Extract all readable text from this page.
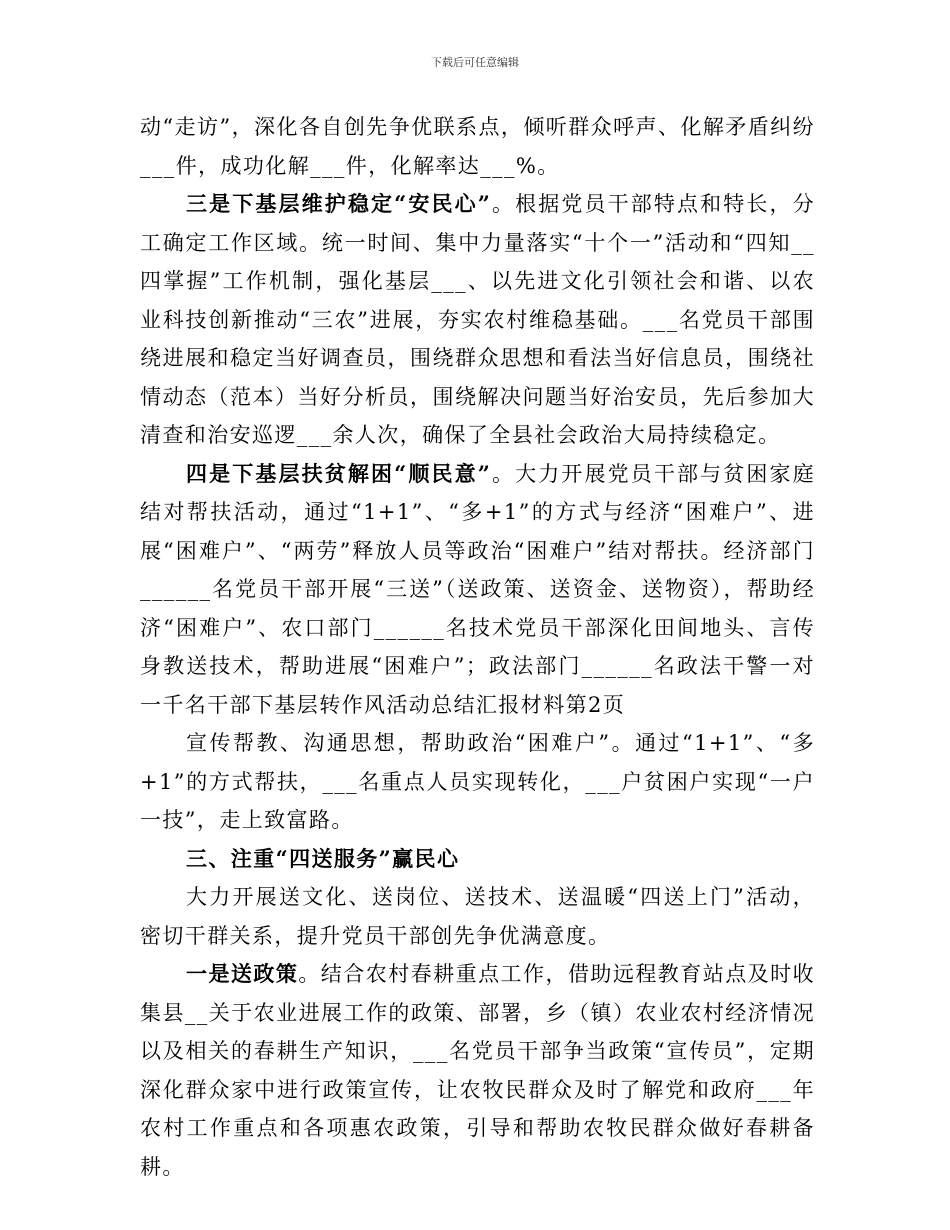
下载后可任意编辑

动“走访”，深化各自创先争优联系点，倾听群众呼声、化解矛盾纠纷___件，成功化解___件，化解率达___%。

三是下基层维护稳定“安民心”。根据党员干部特点和特长，分工确定工作区域。统一时间、集中力量落实“十个一”活动和“四知__四掌握”工作机制，强化基层___、以先进文化引领社会和谐、以农业科技创新推动“三农”进展，夯实农村维稳基础。___名党员干部围绕进展和稳定当好调查员，围绕群众思想和看法当好信息员，围绕社情动态（范本）当好分析员，围绕解决问题当好治安员，先后参加大清查和治安巡逻___余人次，确保了全县社会政治大局持续稳定。

四是下基层扶贫解困“顺民意”。大力开展党员干部与贫困家庭结对帮扶活动，通过“1+1”、“多+1”的方式与经济“困难户”、进展“困难户”、“两劳”释放人员等政治“困难户”结对帮扶。经济部门______名党员干部开展“三送”（送政策、送资金、送物资），帮助经济“困难户”、农口部门______名技术党员干部深化田间地头、言传身教送技术，帮助进展“困难户”；政法部门______名政法干警一对一千名干部下基层转作风活动总结汇报材料第2页

宣传帮教、沟通思想，帮助政治“困难户”。通过“1+1”、“多+1”的方式帮扶，___名重点人员实现转化，___户贫困户实现“一户一技”，走上致富路。

三、注重“四送服务”赢民心

大力开展送文化、送岗位、送技术、送温暖“四送上门”活动，密切干群关系，提升党员干部创先争优满意度。

一是送政策。结合农村春耕重点工作，借助远程教育站点及时收集县__关于农业进展工作的政策、部署，乡（镇）农业农村经济情况以及相关的春耕生产知识，___名党员干部争当政策“宣传员”，定期深化群众家中进行政策宣传，让农牧民群众及时了解党和政府___年农村工作重点和各项惠农政策，引导和帮助农牧民群众做好春耕备耕。
